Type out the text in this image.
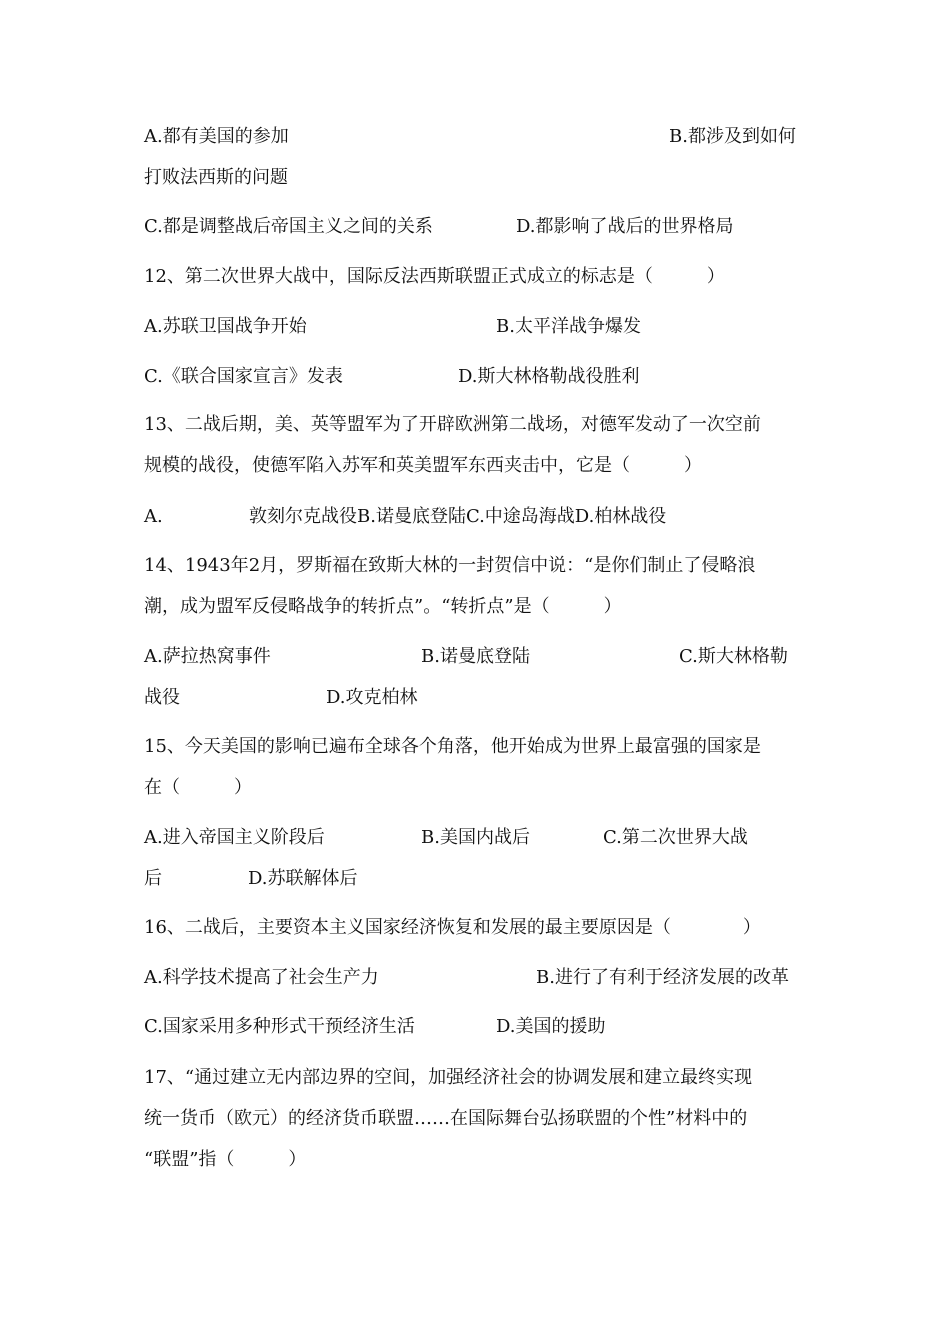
A.都有美国的参加	B.都涉及到如何
打败法西斯的问题
C.都是调整战后帝国主义之间的关系	D.都影响了战后的世界格局
12、第二次世界大战中，国际反法西斯联盟正式成立的标志是（　　　）
A.苏联卫国战争开始	B.太平洋战争爆发
C.《联合国家宣言》发表	D.斯大林格勒战役胜利
13、二战后期，美、英等盟军为了开辟欧洲第二战场，对德军发动了一次空前
规模的战役，使德军陷入苏军和英美盟军东西夹击中，它是（　　　）
A.	敦刻尔克战役B.诺曼底登陆C.中途岛海战D.柏林战役
14、1943年2月，罗斯福在致斯大林的一封贺信中说：“是你们制止了侵略浪
潮，成为盟军反侵略战争的转折点”。“转折点”是（　　　）
A.萨拉热窝事件	B.诺曼底登陆	C.斯大林格勒
战役	D.攻克柏林
15、今天美国的影响已遍布全球各个角落，他开始成为世界上最富强的国家是
在（　　　）
A.进入帝国主义阶段后	B.美国内战后	C.第二次世界大战
后	D.苏联解体后
16、二战后，主要资本主义国家经济恢复和发展的最主要原因是（　　　　）
A.科学技术提高了社会生产力	B.进行了有利于经济发展的改革
C.国家采用多种形式干预经济生活	D.美国的援助
17、“通过建立无内部边界的空间，加强经济社会的协调发展和建立最终实现
统一货币（欧元）的经济货币联盟……在国际舞台弘扬联盟的个性”材料中的
“联盟”指（　　　）
